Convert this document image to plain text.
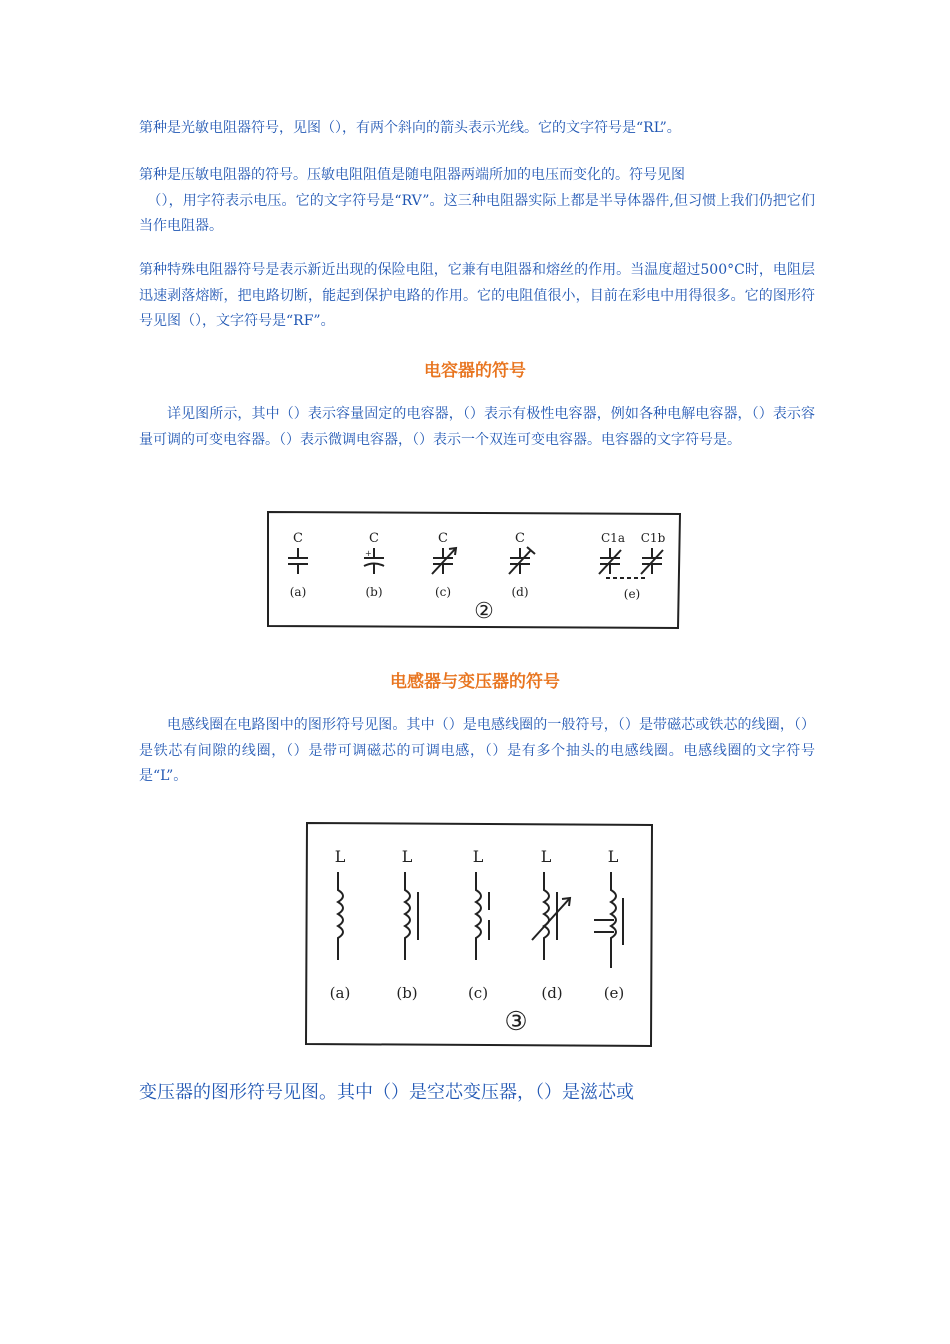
第种是光敏电阻器符号，见图（），有两个斜向的箭头表示光线。它的文字符号是“RL”。

第种是压敏电阻器的符号。压敏电阻阻值是随电阻器两端所加的电压而变化的。符号见图
（），用字符表示电压。它的文字符号是“RV”。这三种电阻器实际上都是半导体器件,但习惯上我们仍把它们当作电阻器。

第种特殊电阻器符号是表示新近出现的保险电阻，它兼有电阻器和熔丝的作用。当温度超过500°C时，电阻层迅速剥落熔断，把电路切断，能起到保护电路的作用。它的电阻值很小，目前在彩电中用得很多。它的图形符号见图（），文字符号是“RF”。

电容器的符号

详见图所示，其中（）表示容量固定的电容器，（）表示有极性电容器，例如各种电解电容器，（）表示容量可调的可变电容器。（）表示微调电容器，（）表示一个双连可变电容器。电容器的文字符号是。

C	C	C	C	C1a C1b
+
(a)	(b)	(c)	(d)	(e)
②
电感器与变压器的符号

电感线圈在电路图中的图形符号见图。其中（）是电感线圈的一般符号，（）是带磁芯或铁芯的线圈，（）是铁芯有间隙的线圈，（）是带可调磁芯的可调电感，（）是有多个抽头的电感线圈。电感线圈的文字符号是“L”。

L	L	L	L	L
(a)	(b)	(c)	(d)	(e)
③

变压器的图形符号见图。其中（）是空芯变压器，（）是滋芯或
